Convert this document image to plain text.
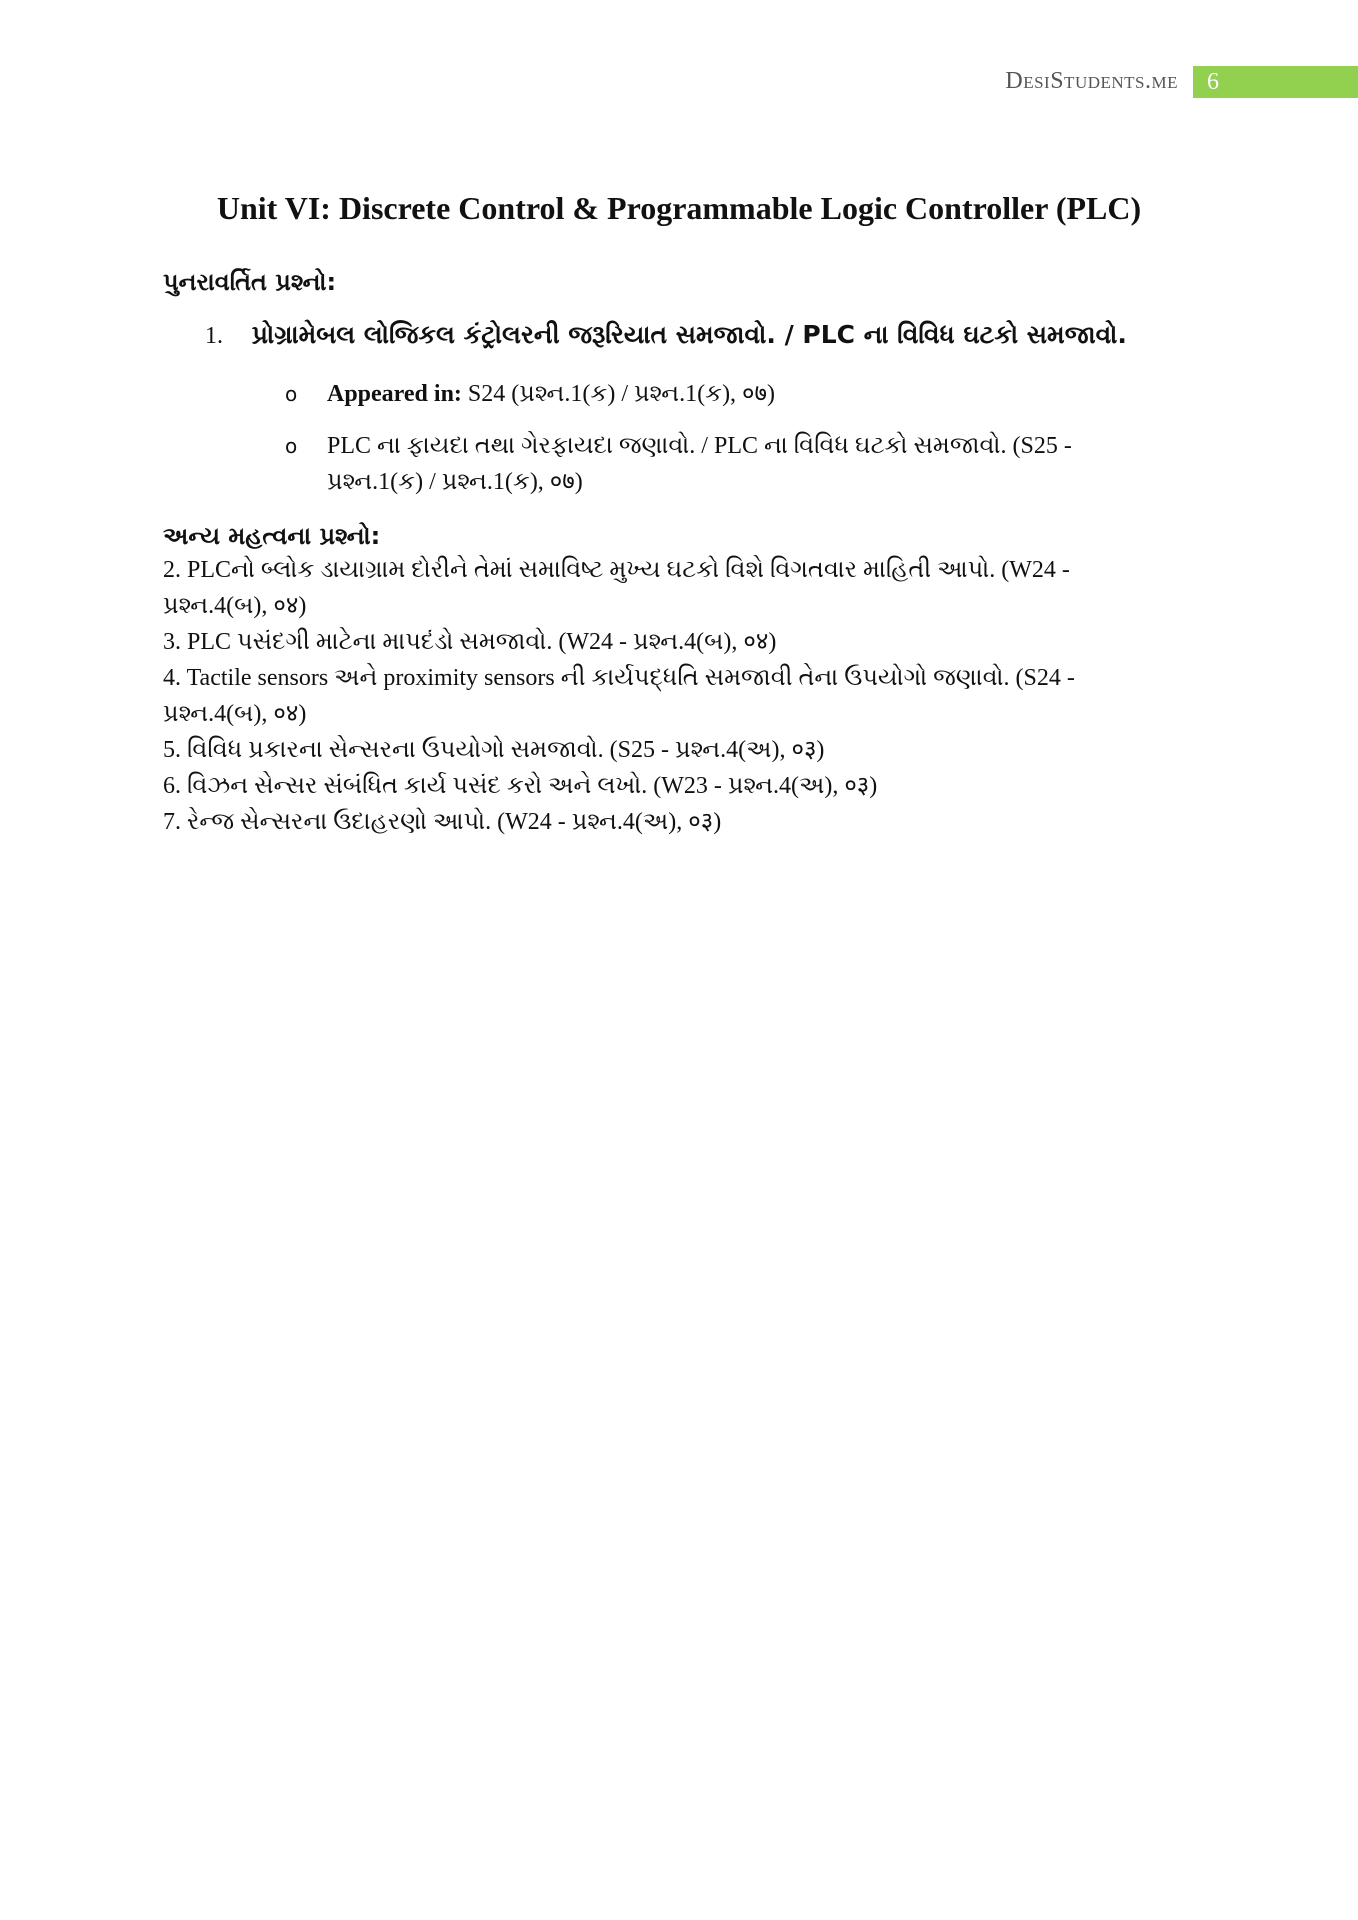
DesiStudents.me	6
Unit VI: Discrete Control & Programmable Logic Controller (PLC)
પુનરાવર્તિત પ્રશ્નો:
1. પ્રોગ્રામેબલ લોજિકલ કંટ્રોલરની જરૂરિયાત સમજાવો. / PLC ના વિવિધ ઘટકો સમજાવો.
o Appeared in: S24 (પ્રશ્ન.1(ક) / પ્રશ્ન.1(ક), ०७)
o PLC ના ફાયદા તથા ગેરફાયદા જણાવો. / PLC ના વિવિધ ઘટકો સમજાવો. (S25 - પ્રશ્ન.1(ક) / પ્રશ્ન.1(ક), ०७)
અન્ય મહત્વના પ્રશ્નો:

2. PLCનો બ્લોક ડાયાગ્રામ દોરીને તેમાં સમાવિષ્ટ મુખ્ય ઘટકો વિશે વિગતવાર માહિતી આપો. (W24 - પ્રશ્ન.4(બ), ०४)

3. PLC પસંદગી માટેના માપદંડો સમજાવો. (W24 - પ્રશ્ન.4(બ), ०४)

4. Tactile sensors અને proximity sensors ની કાર્યપદ્ધતિ સમજાવી તેના ઉપયોગો જણાવો. (S24 - પ્રશ્ન.4(બ), ०४)

5. વિવિધ પ્રકારના સેન્સરના ઉપયોગો સમજાવો. (S25 - પ્રશ્ન.4(અ), ०३)

6. વિઝન સેન્સર સંબંધિત કાર્ય પસંદ કરો અને લખો. (W23 - પ્રશ્ન.4(અ), ०३)

7. રેન્જ સેન્સરના ઉદાહરણો આપો. (W24 - પ્રશ્ન.4(અ), ०३)
